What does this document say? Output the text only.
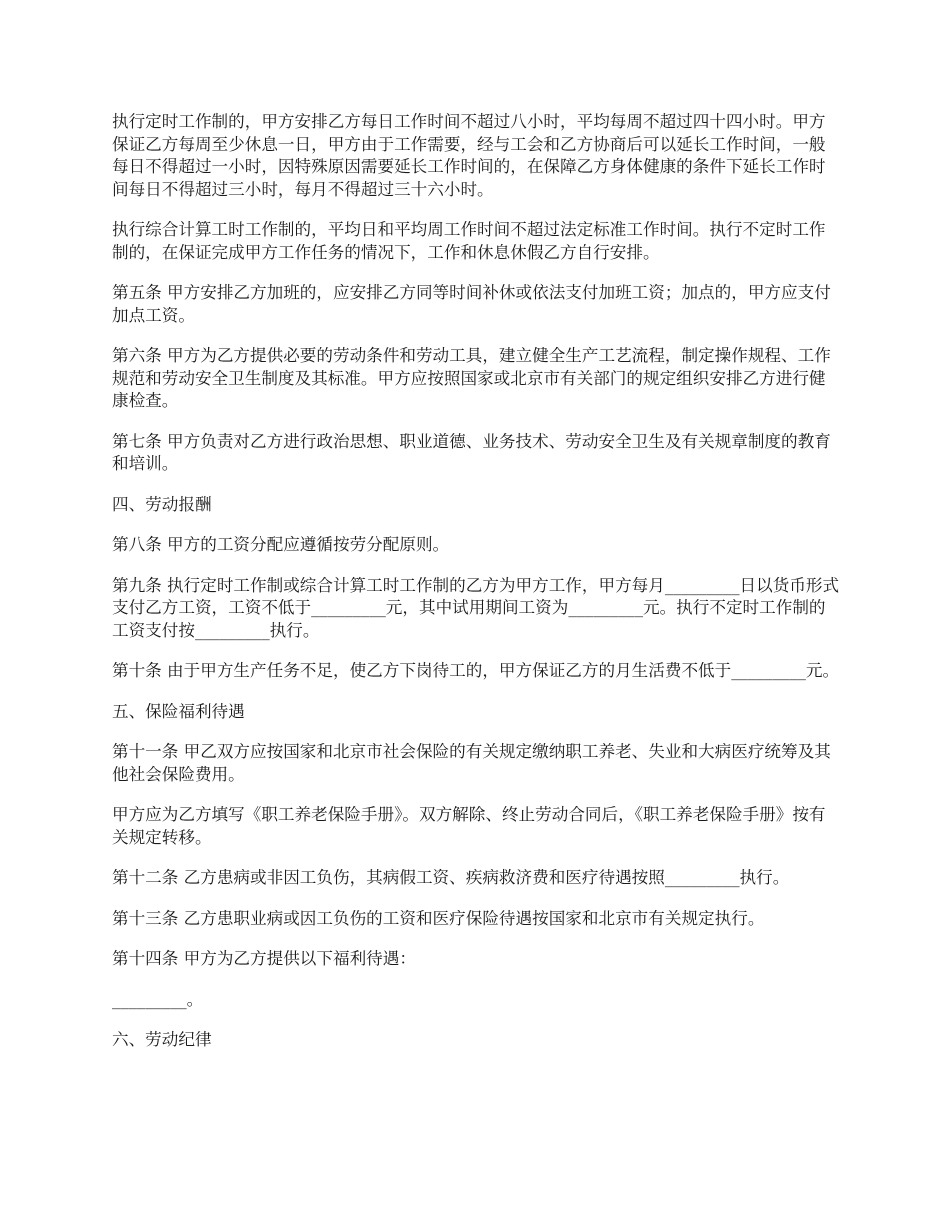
执行定时工作制的，甲方安排乙方每日工作时间不超过八小时，平均每周不超过四十四小时。甲方保证乙方每周至少休息一日，甲方由于工作需要，经与工会和乙方协商后可以延长工作时间，一般每日不得超过一小时，因特殊原因需要延长工作时间的，在保障乙方身体健康的条件下延长工作时间每日不得超过三小时，每月不得超过三十六小时。

执行综合计算工时工作制的，平均日和平均周工作时间不超过法定标准工作时间。执行不定时工作制的，在保证完成甲方工作任务的情况下，工作和休息休假乙方自行安排。

第五条 甲方安排乙方加班的，应安排乙方同等时间补休或依法支付加班工资；加点的，甲方应支付加点工资。

第六条 甲方为乙方提供必要的劳动条件和劳动工具，建立健全生产工艺流程，制定操作规程、工作规范和劳动安全卫生制度及其标准。甲方应按照国家或北京市有关部门的规定组织安排乙方进行健康检查。

第七条 甲方负责对乙方进行政治思想、职业道德、业务技术、劳动安全卫生及有关规章制度的教育和培训。

四、劳动报酬

第八条 甲方的工资分配应遵循按劳分配原则。

第九条 执行定时工作制或综合计算工时工作制的乙方为甲方工作，甲方每月_________日以货币形式支付乙方工资，工资不低于_________元，其中试用期间工资为_________元。执行不定时工作制的工资支付按_________执行。

第十条 由于甲方生产任务不足，使乙方下岗待工的，甲方保证乙方的月生活费不低于_________元。

五、保险福利待遇

第十一条 甲乙双方应按国家和北京市社会保险的有关规定缴纳职工养老、失业和大病医疗统筹及其他社会保险费用。

甲方应为乙方填写《职工养老保险手册》。双方解除、终止劳动合同后，《职工养老保险手册》按有关规定转移。

第十二条 乙方患病或非因工负伤，其病假工资、疾病救济费和医疗待遇按照_________执行。

第十三条 乙方患职业病或因工负伤的工资和医疗保险待遇按国家和北京市有关规定执行。

第十四条 甲方为乙方提供以下福利待遇：

_________。

六、劳动纪律
